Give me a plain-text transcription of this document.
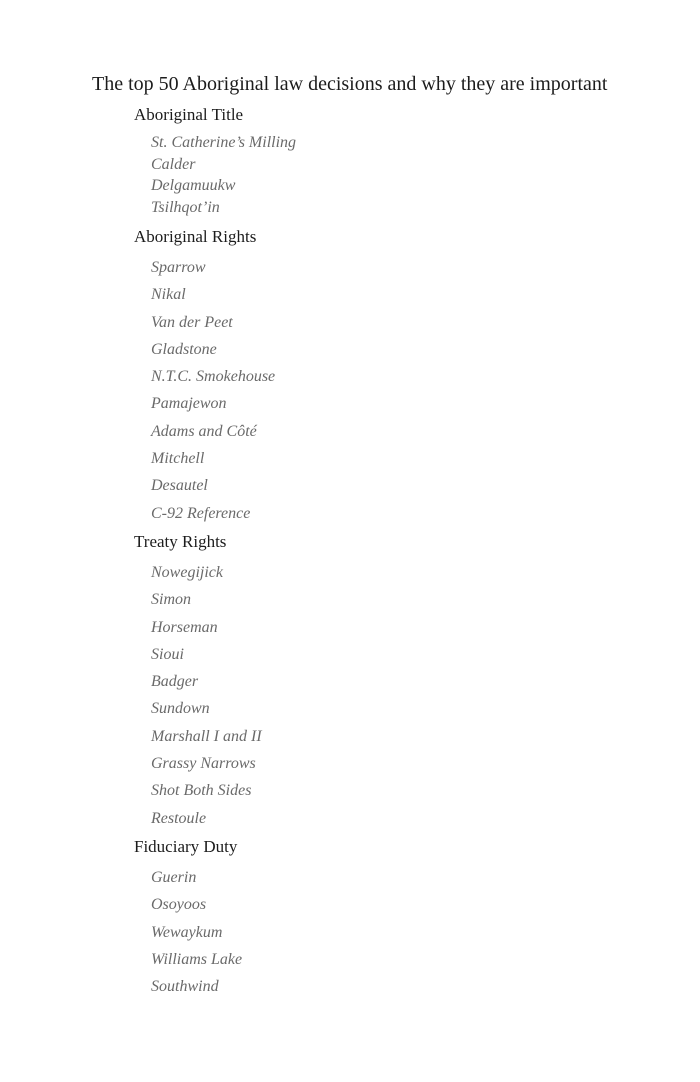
The top 50 Aboriginal law decisions and why they are important
Aboriginal Title
St. Catherine’s Milling
Calder
Delgamuukw
Tsilhqot’in
Aboriginal Rights
Sparrow
Nikal
Van der Peet
Gladstone
N.T.C. Smokehouse
Pamajewon
Adams and Côté
Mitchell
Desautel
C-92 Reference
Treaty Rights
Nowegijick
Simon
Horseman
Sioui
Badger
Sundown
Marshall I and II
Grassy Narrows
Shot Both Sides
Restoule
Fiduciary Duty
Guerin
Osoyoos
Wewaykum
Williams Lake
Southwind
